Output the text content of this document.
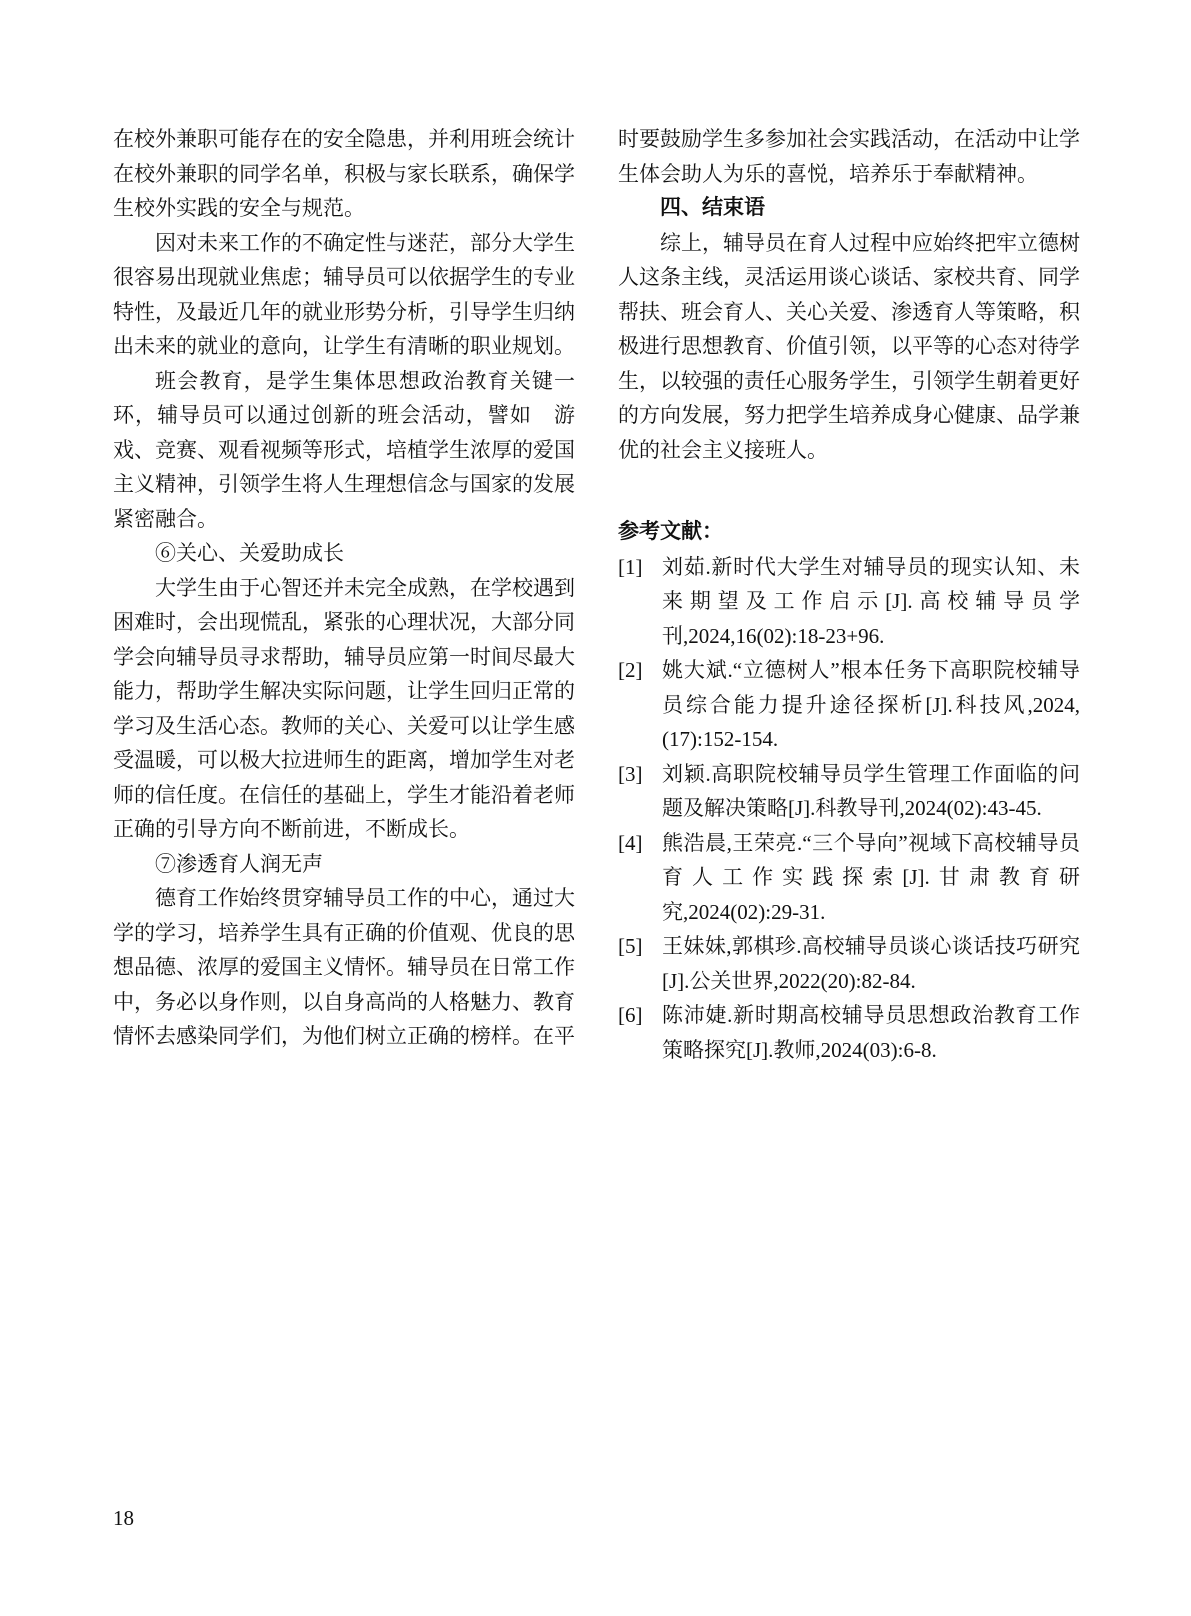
在校外兼职可能存在的安全隐患，并利用班会统计在校外兼职的同学名单，积极与家长联系，确保学生校外实践的安全与规范。

因对未来工作的不确定性与迷茫，部分大学生很容易出现就业焦虑；辅导员可以依据学生的专业特性，及最近几年的就业形势分析，引导学生归纳出未来的就业的意向，让学生有清晰的职业规划。

班会教育，是学生集体思想政治教育关键一环，辅导员可以通过创新的班会活动，譬如　游戏、竞赛、观看视频等形式，培植学生浓厚的爱国主义精神，引领学生将人生理想信念与国家的发展紧密融合。

⑥关心、关爱助成长

大学生由于心智还并未完全成熟，在学校遇到困难时，会出现慌乱，紧张的心理状况，大部分同学会向辅导员寻求帮助，辅导员应第一时间尽最大能力，帮助学生解决实际问题，让学生回归正常的学习及生活心态。教师的关心、关爱可以让学生感受温暖，可以极大拉进师生的距离，增加学生对老师的信任度。在信任的基础上，学生才能沿着老师正确的引导方向不断前进，不断成长。

⑦渗透育人润无声

德育工作始终贯穿辅导员工作的中心，通过大学的学习，培养学生具有正确的价值观、优良的思想品德、浓厚的爱国主义情怀。辅导员在日常工作中，务必以身作则，以自身高尚的人格魅力、教育情怀去感染同学们，为他们树立正确的榜样。在平

时要鼓励学生多参加社会实践活动，在活动中让学生体会助人为乐的喜悦，培养乐于奉献精神。

四、结束语

综上，辅导员在育人过程中应始终把牢立德树人这条主线，灵活运用谈心谈话、家校共育、同学帮扶、班会育人、关心关爱、渗透育人等策略，积极进行思想教育、价值引领，以平等的心态对待学生，以较强的责任心服务学生，引领学生朝着更好的方向发展，努力把学生培养成身心健康、品学兼优的社会主义接班人。

参考文献：

[1] 刘茹.新时代大学生对辅导员的现实认知、未来期望及工作启示[J].高校辅导员学刊,2024,16(02):18-23+96.

[2] 姚大斌.“立德树人”根本任务下高职院校辅导员综合能力提升途径探析[J].科技风,2024,(17):152-154.

[3] 刘颖.高职院校辅导员学生管理工作面临的问题及解决策略[J].科教导刊,2024(02):43-45.

[4] 熊浩晨,王荣亮.“三个导向”视域下高校辅导员育人工作实践探索[J].甘肃教育研究,2024(02):29-31.

[5] 王妹妹,郭棋珍.高校辅导员谈心谈话技巧研究[J].公关世界,2022(20):82-84.

[6] 陈沛婕.新时期高校辅导员思想政治教育工作策略探究[J].教师,2024(03):6-8.

18
